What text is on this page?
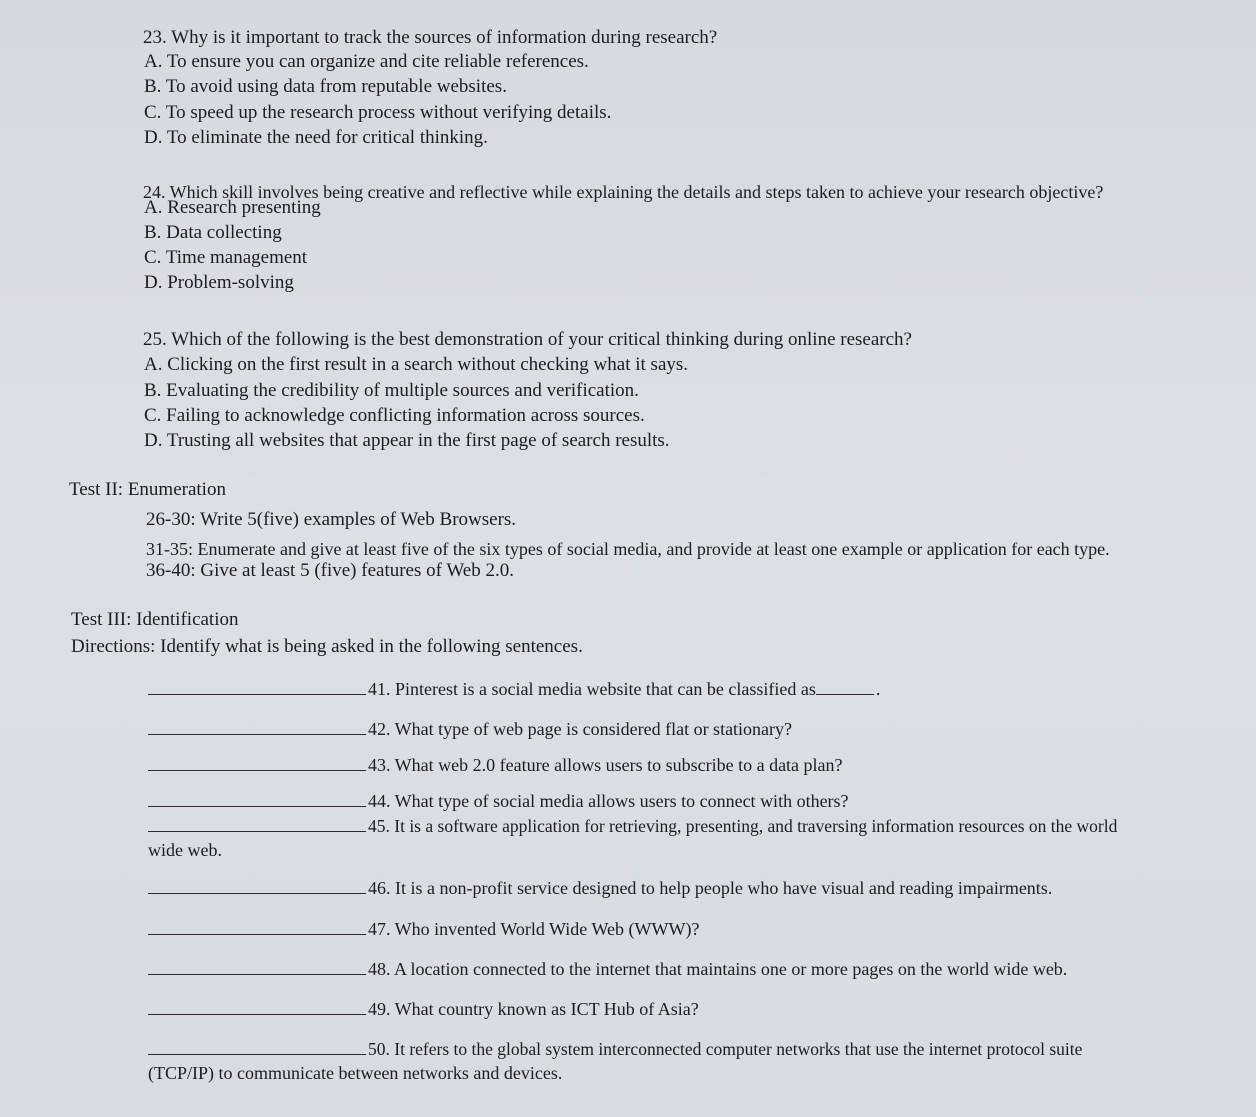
23. Why is it important to track the sources of information during research?
A. To ensure you can organize and cite reliable references.
B. To avoid using data from reputable websites.
C. To speed up the research process without verifying details.
D. To eliminate the need for critical thinking.
24. Which skill involves being creative and reflective while explaining the details and steps taken to achieve your research objective?
A. Research presenting
B. Data collecting
C. Time management
D. Problem-solving
25. Which of the following is the best demonstration of your critical thinking during online research?
A. Clicking on the first result in a search without checking what it says.
B. Evaluating the credibility of multiple sources and verification.
C. Failing to acknowledge conflicting information across sources.
D. Trusting all websites that appear in the first page of search results.
Test II: Enumeration
26-30: Write 5(five) examples of Web Browsers.
31-35: Enumerate and give at least five of the six types of social media, and provide at least one example or application for each type.
36-40: Give at least 5 (five) features of Web 2.0.
Test III: Identification
Directions: Identify what is being asked in the following sentences.
41. Pinterest is a social media website that can be classified as	.
42. What type of web page is considered flat or stationary?
43. What web 2.0 feature allows users to subscribe to a data plan?
44. What type of social media allows users to connect with others?
45. It is a software application for retrieving, presenting, and traversing information resources on the world
wide web.
46. It is a non-profit service designed to help people who have visual and reading impairments.
47. Who invented World Wide Web (WWW)?
48. A location connected to the internet that maintains one or more pages on the world wide web.
49. What country known as ICT Hub of Asia?
50. It refers to the global system interconnected computer networks that use the internet protocol suite
(TCP/IP) to communicate between networks and devices.
